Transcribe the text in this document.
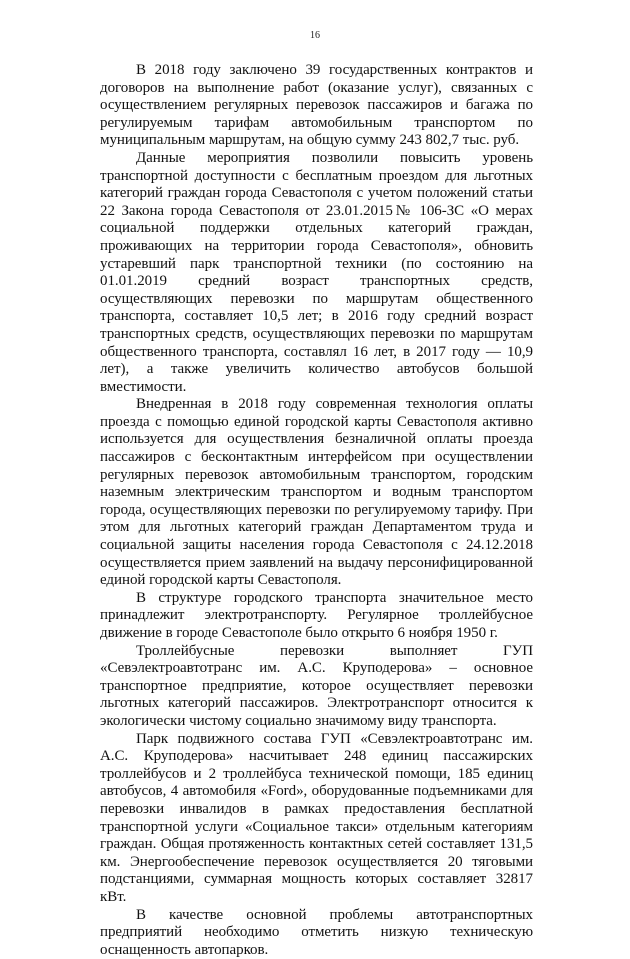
16

В 2018 году заключено 39 государственных контрактов и договоров на выполнение работ (оказание услуг), связанных с осуществлением регулярных перевозок пассажиров и багажа по регулируемым тарифам автомобильным транспортом по муниципальным маршрутам, на общую сумму 243 802,7 тыс. руб.

Данные мероприятия позволили повысить уровень транспортной доступности с бесплатным проездом для льготных категорий граждан города Севастополя с учетом положений статьи 22 Закона города Севастополя от 23.01.2015№ 106-ЗС «О мерах социальной поддержки отдельных категорий граждан, проживающих на территории города Севастополя», обновить устаревший парк транспортной техники (по состоянию на 01.01.2019 средний возраст транспортных средств, осуществляющих перевозки по маршрутам общественного транспорта, составляет 10,5 лет; в 2016 году средний возраст транспортных средств, осуществляющих перевозки по маршрутам общественного транспорта, составлял 16 лет, в 2017 году — 10,9 лет), а также увеличить количество автобусов большой вместимости.

Внедренная в 2018 году современная технология оплаты проезда с помощью единой городской карты Севастополя активно используется для осуществления безналичной оплаты проезда пассажиров с бесконтактным интерфейсом при осуществлении регулярных перевозок автомобильным транспортом, городским наземным электрическим транспортом и водным транспортом города, осуществляющих перевозки по регулируемому тарифу. При этом для льготных категорий граждан Департаментом труда и социальной защиты населения города Севастополя с 24.12.2018 осуществляется прием заявлений на выдачу персонифицированной единой городской карты Севастополя.

В структуре городского транспорта значительное место принадлежит электротранспорту. Регулярное троллейбусное движение в городе Севастополе было открыто 6 ноября 1950 г.

Троллейбусные перевозки выполняет ГУП «Севэлектроавтотранс им. А.С. Круподерова» – основное транспортное предприятие, которое осуществляет перевозки льготных категорий пассажиров. Электротранспорт относится к экологически чистому социально значимому виду транспорта.

Парк подвижного состава ГУП «Севэлектроавтотранс им. А.С. Круподерова» насчитывает 248 единиц пассажирских троллейбусов и 2 троллейбуса технической помощи, 185 единиц автобусов, 4 автомобиля «Ford», оборудованные подъемниками для перевозки инвалидов в рамках предоставления бесплатной транспортной услуги «Социальное такси» отдельным категориям граждан. Общая протяженность контактных сетей составляет 131,5 км. Энергообеспечение перевозок осуществляется 20 тяговыми подстанциями, суммарная мощность которых составляет 32817 кВт.

В качестве основной проблемы автотранспортных предприятий необходимо отметить низкую техническую оснащенность автопарков.
